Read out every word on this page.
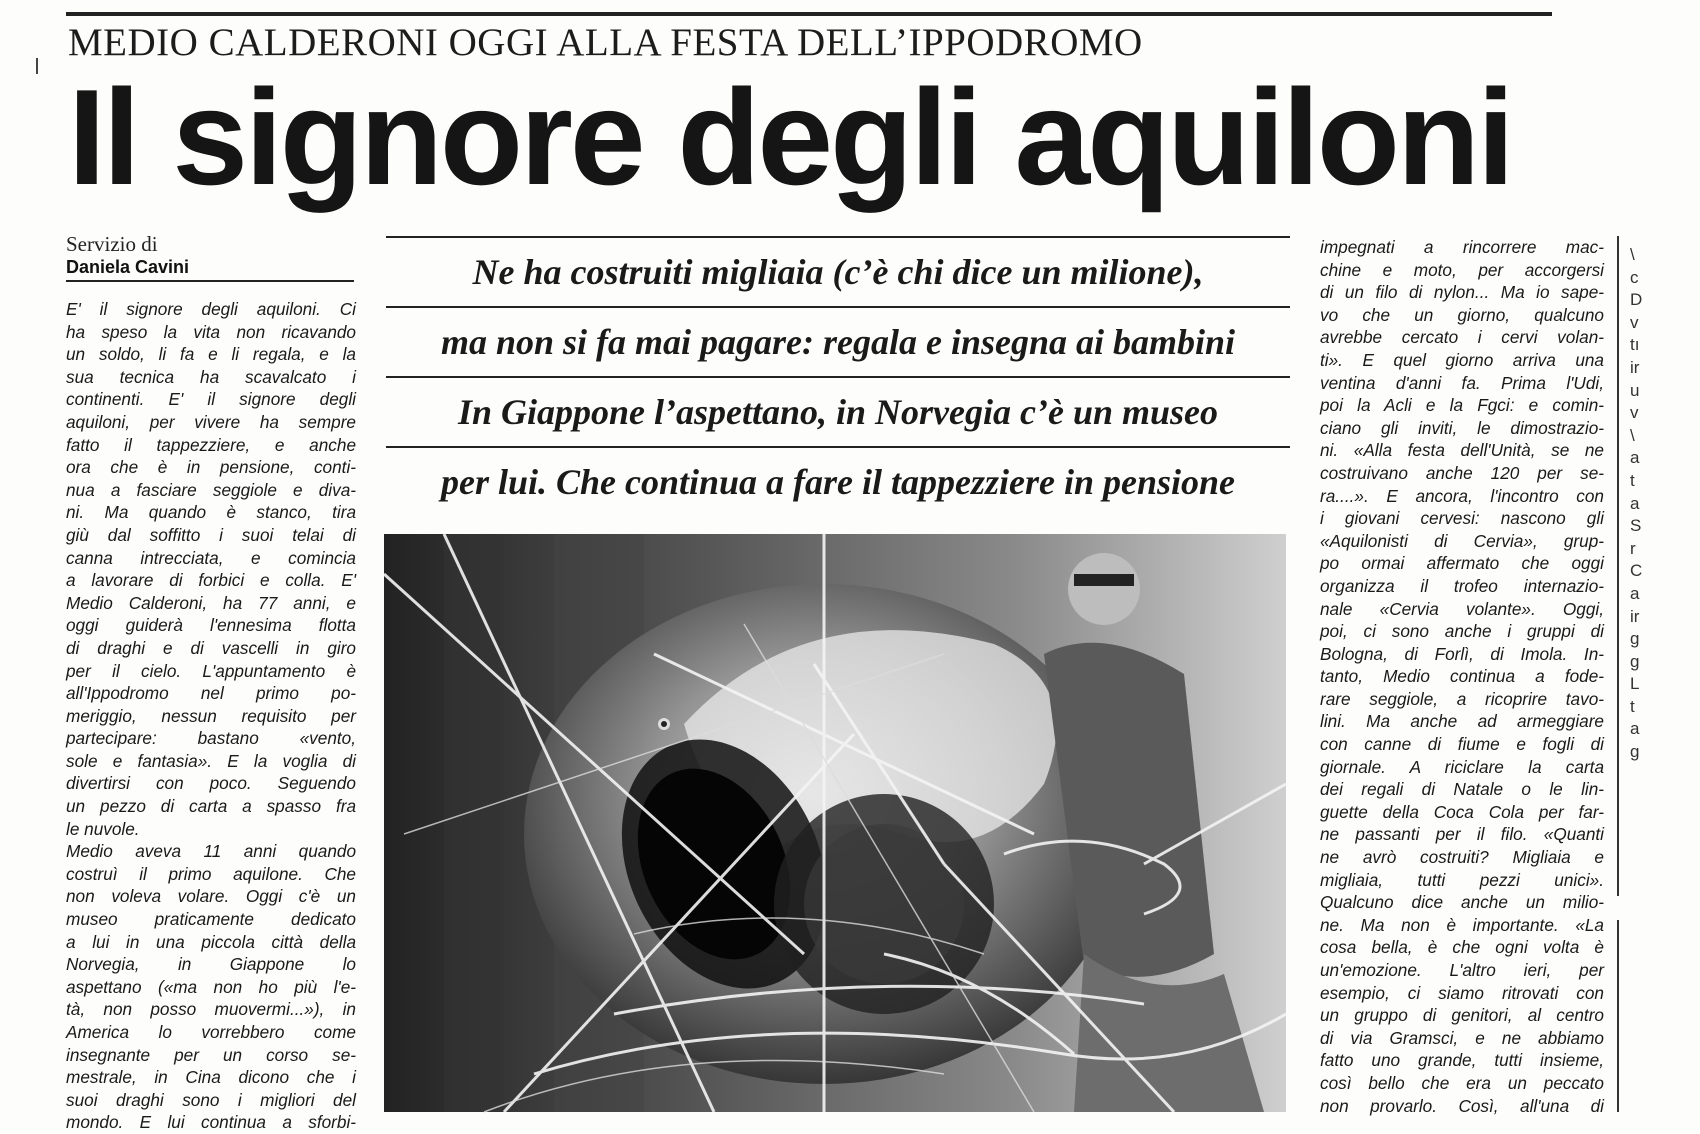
MEDIO CALDERONI OGGI ALLA FESTA DELL’IPPODROMO
Il signore degli aquiloni
Servizio di
Daniela Cavini
E' il signore degli aquiloni. Ci
ha speso la vita non ricavando
un soldo, li fa e li regala, e la
sua tecnica ha scavalcato i
continenti. E' il signore degli
aquiloni, per vivere ha sempre
fatto il tappezziere, e anche
ora che è in pensione, conti-
nua a fasciare seggiole e diva-
ni. Ma quando è stanco, tira
giù dal soffitto i suoi telai di
canna intrecciata, e comincia
a lavorare di forbici e colla. E'
Medio Calderoni, ha 77 anni, e
oggi guiderà l'ennesima flotta
di draghi e di vascelli in giro
per il cielo. L'appuntamento è
all'Ippodromo nel primo po-
meriggio, nessun requisito per
partecipare: bastano «vento,
sole e fantasia». E la voglia di
divertirsi con poco. Seguendo
un pezzo di carta a spasso fra
le nuvole.
Medio aveva 11 anni quando
costruì il primo aquilone. Che
non voleva volare. Oggi c'è un
museo praticamente dedicato
a lui in una piccola città della
Norvegia, in Giappone lo
aspettano («ma non ho più l'e-
tà, non posso muovermi...»), in
America lo vorrebbero come
insegnante per un corso se-
mestrale, in Cina dicono che i
suoi draghi sono i migliori del
mondo. E lui continua a sforbi-
Ne ha costruiti migliaia (c’è chi dice un milione),
ma non si fa mai pagare: regala e insegna ai bambini
In Giappone l’aspettano, in Norvegia c’è un museo
per lui. Che continua a fare il tappezziere in pensione
impegnati a rincorrere mac-
chine e moto, per accorgersi
di un filo di nylon... Ma io sape-
vo che un giorno, qualcuno
avrebbe cercato i cervi volan-
ti». E quel giorno arriva una
ventina d'anni fa. Prima l'Udi,
poi la Acli e la Fgci: e comin-
ciano gli inviti, le dimostrazio-
ni. «Alla festa dell'Unità, se ne
costruivano anche 120 per se-
ra....». E ancora, l'incontro con
i giovani cervesi: nascono gli
«Aquilonisti di Cervia», grup-
po ormai affermato che oggi
organizza il trofeo internazio-
nale «Cervia volante». Oggi,
poi, ci sono anche i gruppi di
Bologna, di Forlì, di Imola. In-
tanto, Medio continua a fode-
rare seggiole, a ricoprire tavo-
lini. Ma anche ad armeggiare
con canne di fiume e fogli di
giornale. A riciclare la carta
dei regali di Natale o le lin-
guette della Coca Cola per far-
ne passanti per il filo. «Quanti
ne avrò costruiti? Migliaia e
migliaia, tutti pezzi unici».
Qualcuno dice anche un milio-
ne. Ma non è importante. «La
cosa bella, è che ogni volta è
un'emozione. L'altro ieri, per
esempio, ci siamo ritrovati con
un gruppo di genitori, al centro
di via Gramsci, e ne abbiamo
fatto uno grande, tutti insieme,
così bello che era un peccato
non provarlo. Così, all'una di
\
c
D
v
tı
ir
u
v
\
a
t
a
S
r
C
a
ir
g
g
L
t
a
g
